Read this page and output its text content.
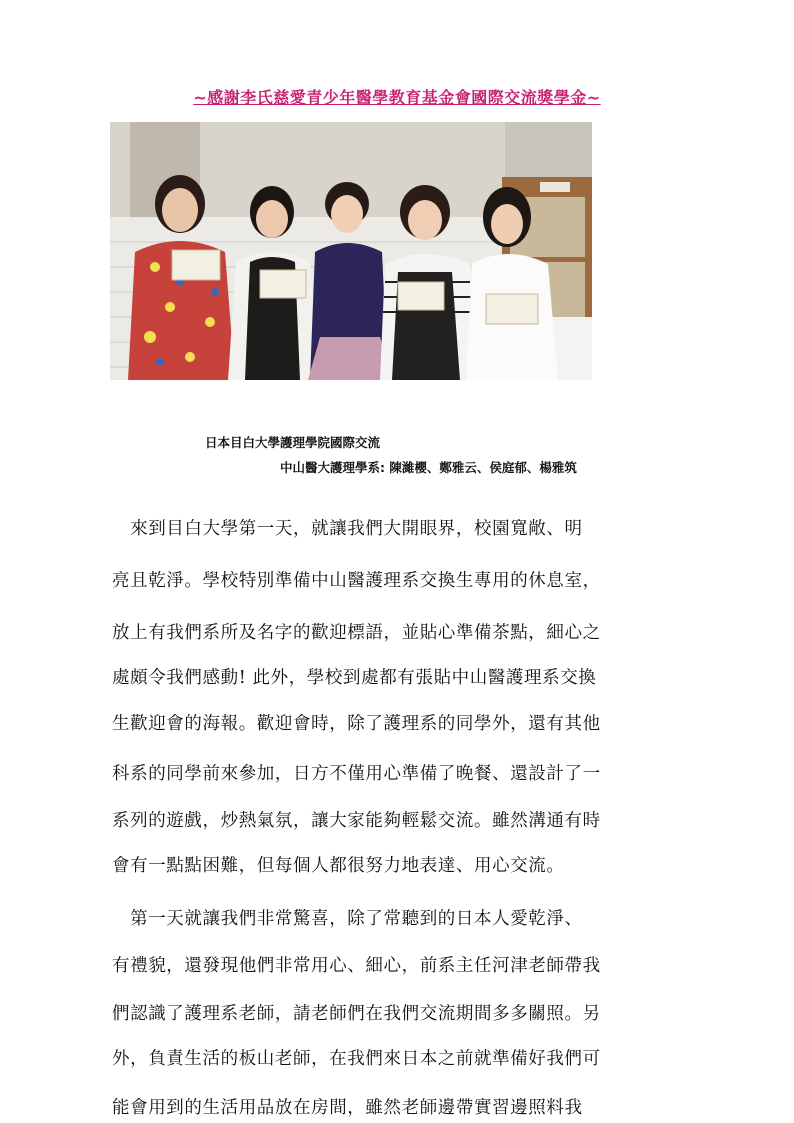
~感謝李氏慈愛青少年醫學教育基金會國際交流獎學金~
日本目白大學護理學院國際交流
中山醫大護理學系: 陳濰櫻、鄭雅云、侯庭郁、楊雅筑
　來到目白大學第一天，就讓我們大開眼界，校園寬敞、明
亮且乾淨。學校特別準備中山醫護理系交換生專用的休息室，
放上有我們系所及名字的歡迎標語，並貼心準備茶點，細心之
處頗令我們感動! 此外，學校到處都有張貼中山醫護理系交換
生歡迎會的海報。歡迎會時，除了護理系的同學外，還有其他
科系的同學前來參加，日方不僅用心準備了晚餐、還設計了一
系列的遊戲，炒熱氣氛，讓大家能夠輕鬆交流。雖然溝通有時
會有一點點困難，但每個人都很努力地表達、用心交流。
　第一天就讓我們非常驚喜，除了常聽到的日本人愛乾淨、
有禮貌，還發現他們非常用心、細心，前系主任河津老師帶我
們認識了護理系老師，請老師們在我們交流期間多多關照。另
外，負責生活的板山老師，在我們來日本之前就準備好我們可
能會用到的生活用品放在房間，雖然老師邊帶實習邊照料我
